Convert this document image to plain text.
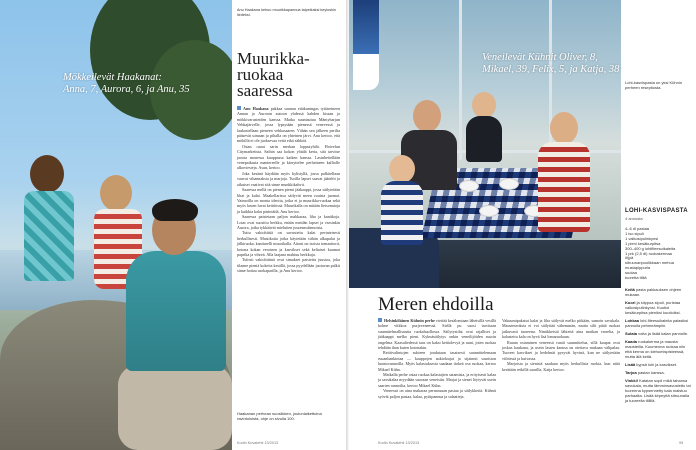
Mökkeilevät Haakanat:
Anna, 7, Aurora, 6, ja Anu, 35
Anu Haakana kehuu muurikkapannua taipeikaksi keyluskin liedeksi.
Muurikka-
ruokaa
saaressa

Anu Haakana pakkaa saunan etiäkuningas tyttäreineen Annan ja Auroran autoon yhdessä kahden kissan ja mökkivarusteiden kanssa. Matka suuntautuu Mäntyharjun Vehkajärvelle, jossa lypsytään pienessä venevessä ja laukastellaan pieneen vehkasaaren. Vähän sen jälkeen perilta pääsevät uimaan ja pihalla on yhteinen järvi. Anu kertoo, että mökillä ei ole juoksevaa vettä eikä sähköä.

Ostan ruuat sarin merkan lopputyhilä. Hoivelun Citymarketista. Saihin saa kokon yhtälä kerta, sitä tarvitse jaoota monessa kauppassa kaiken kanssa. Lasinheitellään venepaikasta mantereelle ja kärryttelee perheineen kalliolle alkoviesteja. Asun, kertoo.

Joka kesänä käydään myös kylistyllä, jossa palkitellaan vauvat vihannaksia ja marjoja. Turilla lapset saavat jäätelöt ja aikuiset vaativat sitä sinne munkkikahvit.

Saaressa mellä on pienen piemi jääkaappi, jossa säilytetään lihat ja kalat. Maakellarissa säilyvät meen ruuista juomat. Vaimoilla on monia ideoita, jotka ei ja muurikka-ruokaa sekä myös lasten luvat keittiössä. Muurikalla on mitään lietsonutoja ja kaikkia kalat pärintäilä, Anu kertoo.

Saaressa paistetaan paljon makkaraa, liha ja kanttkoja. Lotat ovat suosittu herkku, enään meidän lapset ja varsinkin Aurora, jotka tykkäävät mieluiten juuresmuhenoista.

Tuttu vakiohittiä on savustettu kalat perinteisesti herkullisesti. Mustikoita jotka käytetään vähän alkupalat ja jälkiruoka, kanttarelli muurikalla. Aitoni on isoista tomaattorit, kotona kokan veroinen ja kasvikset sekä keltaiset kuumat paprika ja vihreä. Alla laajana mahtuu herkkuja.

Tulosti vakiohittinä ovat simakset paistettu juustoa, joka tilanne pieniä kokeita kesällä, jossa pyydellään juotavan palkit sinne hoitaa ruokaparilla, ja Anu kertoo.

Haakanan perhean suosikkien, joulunlaikettuina ravintoloista, ohje on sivulla 100.
Kodin Kuvalehti 13/2013
Veneilevät Kühnit Oliver, 8,
Mikael, 39, Felix, 5, ja Katja, 38
Lohi-kasvispasta on yksi Kühnin perheen reseptiosta.
LOHI-KASVISPASTA
4 annosta
4–6 dl pastaa
1 iso sipuli
1 valkosipulinkynsi
1 pieni kesäkurpitsa
300–400 g lohifileesuikaleita
1 prk (2,5 dl) ruokakermaa
öljyä
sitruunanpuolikkaan mehua
mustapippuria
suolaa
tuoretta tilliä

Keitä pasta pakkauksen ohjeen mukaan.

Kuori ja silppua sipuli, puristaa valkosipulinkynsi. Kuutioi kesäkurpitsa pieniksi kuutioiksi.

Lohkaa lohi-fileesuikaleita palasiksi pannulla pehmeämpiin.

Sulata voita ja lisää kalan pannulle.

Kaada ruokakerma ja mausta mausteilla. Kuumenna ruokaa niin että kerma on kiehumispisteessä, mutta älä keitä.

Lisää kypsä lohi ja kasvikset.

Tarjoa pastan kanssa.

Vinkki! Katatan sopii mikä tahansa savukala, mutta lämminsavustettu tai tuoreena kypsennetty kala maistuu parhaalta. Lisää kirpeyttä sitruunalla ja tuoreella tillillä.

Meren ehdoilla

Helsinkiläinen Kühnin perhe viettää kesälomiaan läheisillä vesillä kolme viikkoa purjeveneessä. Siellä pu suosi tarvitaan suunnitelmallisuutta ruokahuollossa. Säilytystilat ovat rajalliset ja jääkaappi melko pieni. Kylmäsäilytys onkin veneilijöiden suurin ongelma. Kaasuliedessä taas on kaksi keittolevyä ja uuni, joten ruokaa tehdään ihan kuten kotonakin.

Reittivalintojen suhteen joudutaan tasaisesti suunnittelemaan ruuanhankintaa — kauppojen aukioloajat ja sijainnit saariston luontorannoilla. Myös kalastuksesta saadaan tärkeä osa ruokaa, kertoo Mikael Kühn.

Matkalla perhe ostaa ruokaa kalastajien satamista, ja erityisesti kalaa ja savukalaa myydään suoraan veneisiin. Marjat ja sienet löytyvät usein saarten rannoilta, kertoo Mikael Kühn.

Veneessä on aina makaraa pernaruuan pastaa ja säilykkeitä. Kühnit syövät paljon pastaa, kalaa, pyttipannua ja salaatteja.

Vakuumipakatut kalat ja liha säilyvät melko pitkään, samoin savukala. Mausteseoksia ei voi säilyttää vähemmän, mutta silti pitää ruokaa jatkuvasti tuoreena. Nimikkeistä lähteitä aina matkan varrelta, ja kalastettu kala on hyvä lisä lomaruokaan.

Ruuan ostaminen veneessä vaatii suunnittelua, sillä kaupat ovat joskus kaukana, ja usein lasten kanssa on otettava mukaan välipalaa. Tuoreet kasvikset ja hedelmät pysyvät hyvinä, kun ne säilytetään viileässä ja kuivassa.

Marjoista ja sienistä saadaan myös herkullisia ruokia, kun niitä kerätään retkillä saarilla, Katja kertoo.

Kodin Kuvalehti 13/2013	99
